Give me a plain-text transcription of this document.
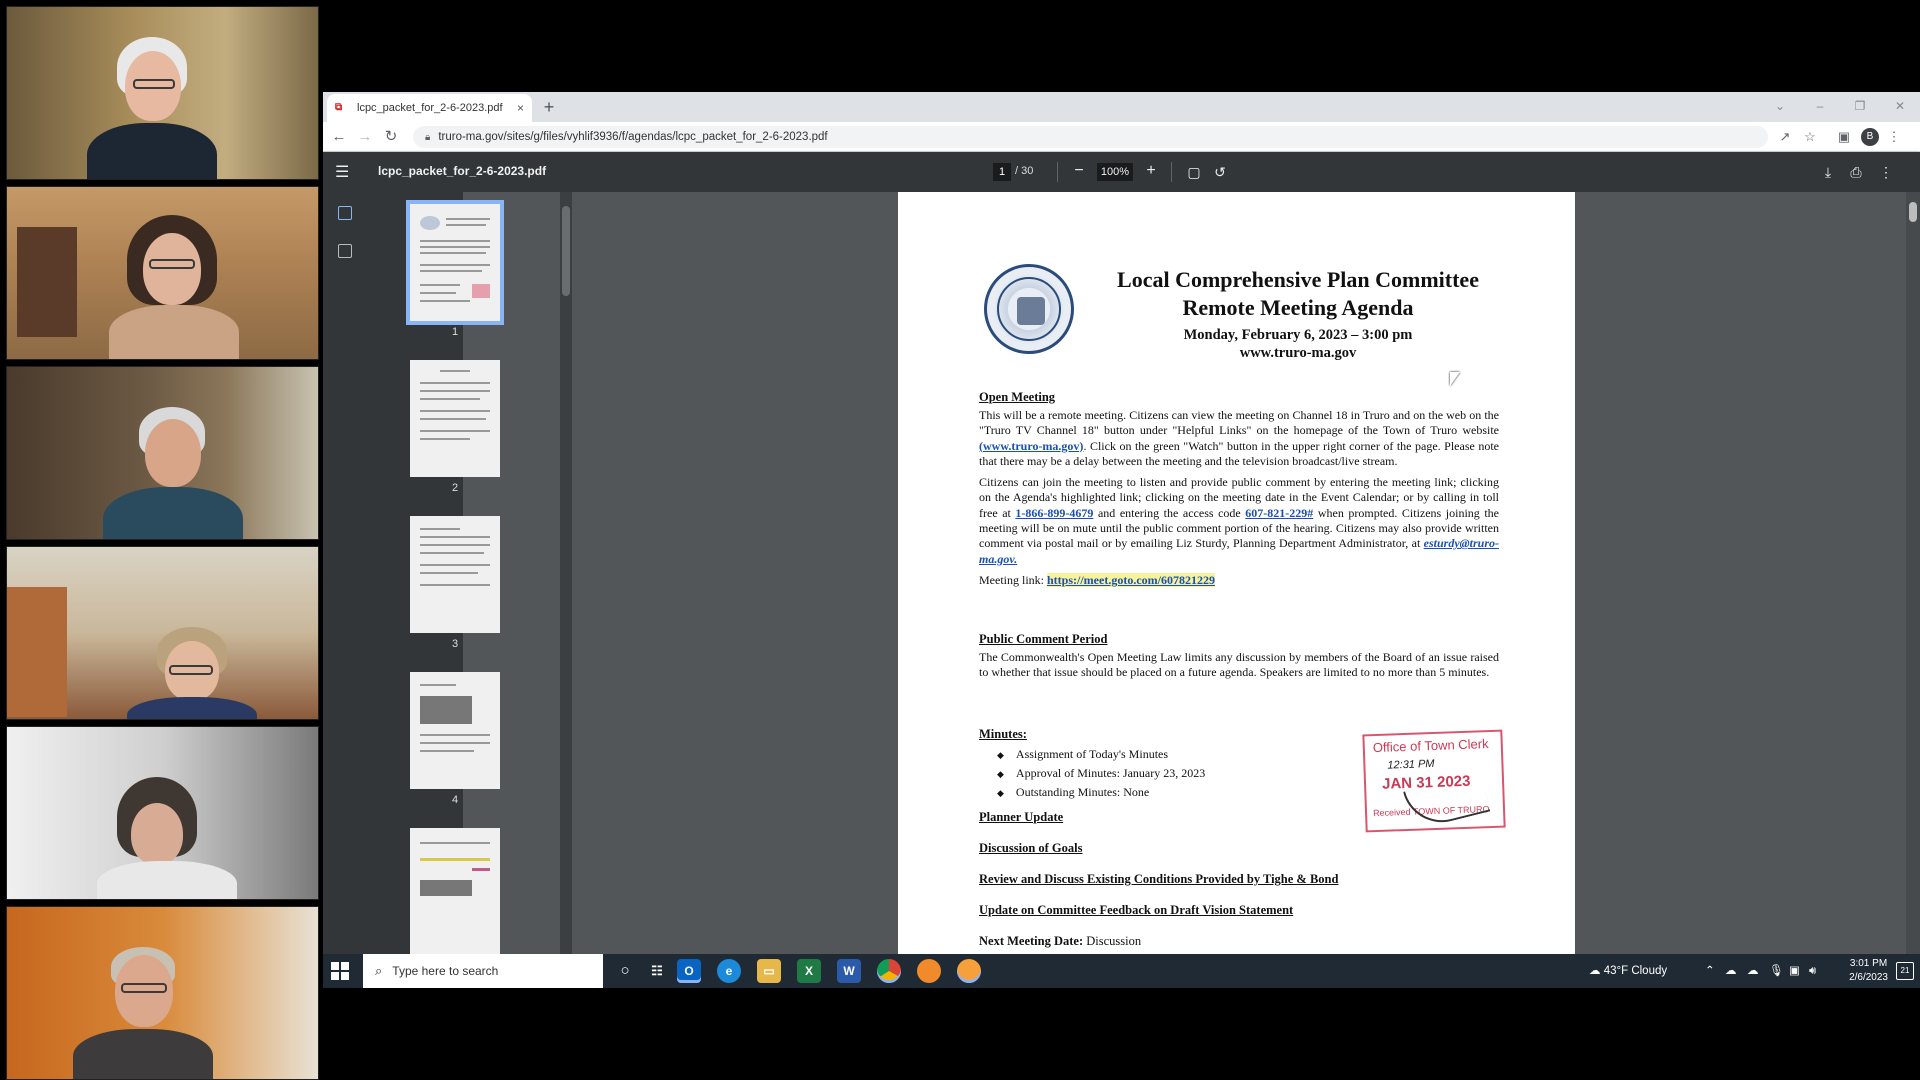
⧉	lcpc_packet_for_2-6-2023.pdf	×	+	⌄	–	❐	✕
← → ↻	🔒︎ truro-ma.gov/sites/g/files/vyhlif3936/f/agendas/lcpc_packet_for_2-6-2023.pdf	↗ ☆ ▣	B	⋮
☰ lcpc_packet_for_2-6-2023.pdf	1 / 30	−	100%	+	▢ ↺	⤓	⎙ ⋮
1
2
3
4
Local Comprehensive Plan Committee
Remote Meeting Agenda
Monday, February 6, 2023 – 3:00 pm
www.truro-ma.gov
Open Meeting
This will be a remote meeting. Citizens can view the meeting on Channel 18 in Truro and on the web on the "Truro TV Channel 18" button under "Helpful Links" on the homepage of the Town of Truro website (www.truro-ma.gov). Click on the green "Watch" button in the upper right corner of the page. Please note that there may be a delay between the meeting and the television broadcast/live stream.
Citizens can join the meeting to listen and provide public comment by entering the meeting link; clicking on the Agenda's highlighted link; clicking on the meeting date in the Event Calendar; or by calling in toll free at 1-866-899-4679 and entering the access code 607-821-229# when prompted. Citizens joining the meeting will be on mute until the public comment portion of the hearing. Citizens may also provide written comment via postal mail or by emailing Liz Sturdy, Planning Department Administrator, at esturdy@truro-ma.gov.
Meeting link: https://meet.goto.com/607821229
Public Comment Period
The Commonwealth's Open Meeting Law limits any discussion by members of the Board of an issue raised to whether that issue should be placed on a future agenda. Speakers are limited to no more than 5 minutes.
Minutes:
◆ Assignment of Today's Minutes
◆ Approval of Minutes: January 23, 2023
◆ Outstanding Minutes: None
Planner Update
Discussion of Goals
Review and Discuss Existing Conditions Provided by Tighe & Bond
Update on Committee Feedback on Draft Vision Statement
Next Meeting Date: Discussion
Office of Town Clerk
12:31 PM
JAN 31 2023
Received TOWN OF TRURO
⌕ Type here to search	○	☷	O	e	▭	X	W	☁︎ 43°F Cloudy	⌃ ☁︎ ☁︎ 🎙︎ ▣ 🔊︎
3:01 PM
2/6/2023
21
